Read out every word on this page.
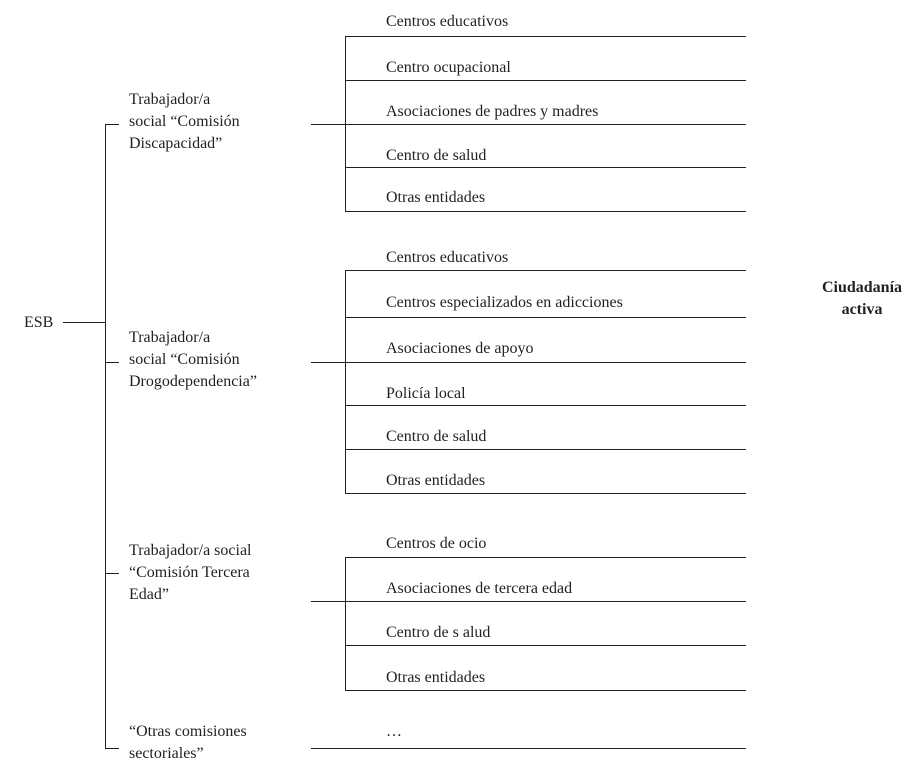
ESB
Trabajador/a
social “Comisión
Discapacidad”
Centros educativos
Centro ocupacional
Asociaciones de padres y madres
Centro de salud
Otras entidades
Trabajador/a
social “Comisión
Drogodependencia”
Centros educativos
Centros especializados en adicciones
Asociaciones de apoyo
Policía local
Centro de salud
Otras entidades
Trabajador/a social
“Comisión Tercera
Edad”
Centros de ocio
Asociaciones de tercera edad
Centro de s alud
Otras entidades
“Otras comisiones
sectoriales”
…
Ciudadanía
activa
